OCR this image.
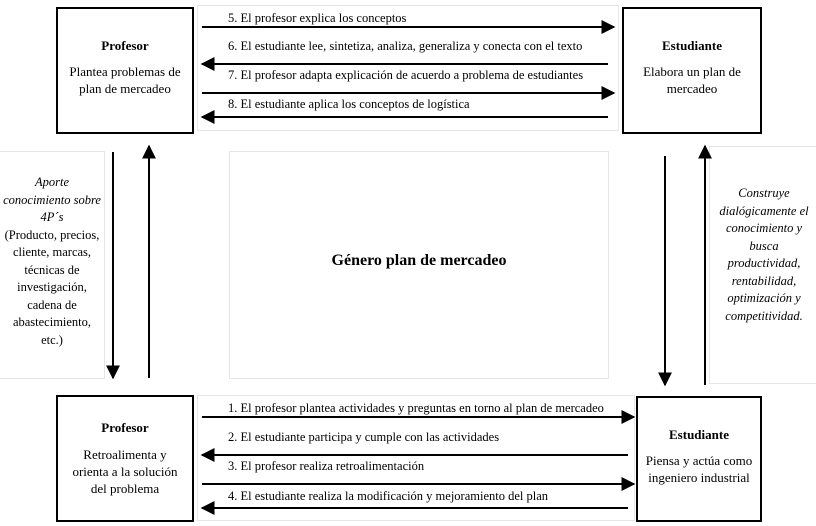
Profesor
Plantea problemas de plan de mercadeo
Estudiante
Elabora un plan de mercadeo
Profesor
Retroalimenta y orienta a la solución del problema
Estudiante
Piensa y actúa como ingeniero industrial
Género plan de mercadeo
Aporte conocimiento sobre 4P´s
(Producto, precios, cliente, marcas, técnicas de investigación, cadena de abastecimiento, etc.)
Construye dialógicamente el conocimiento y busca productividad, rentabilidad, optimización y competitividad.
5. El profesor explica los conceptos
6. El estudiante lee, sintetiza, analiza, generaliza y conecta con el texto
7. El profesor adapta explicación de acuerdo a problema de estudiantes
8. El estudiante aplica los conceptos de logística
1. El profesor plantea actividades y preguntas en torno al plan de mercadeo
2. El estudiante participa y cumple con las actividades
3. El profesor realiza retroalimentación
4. El estudiante realiza la modificación y mejoramiento del plan
